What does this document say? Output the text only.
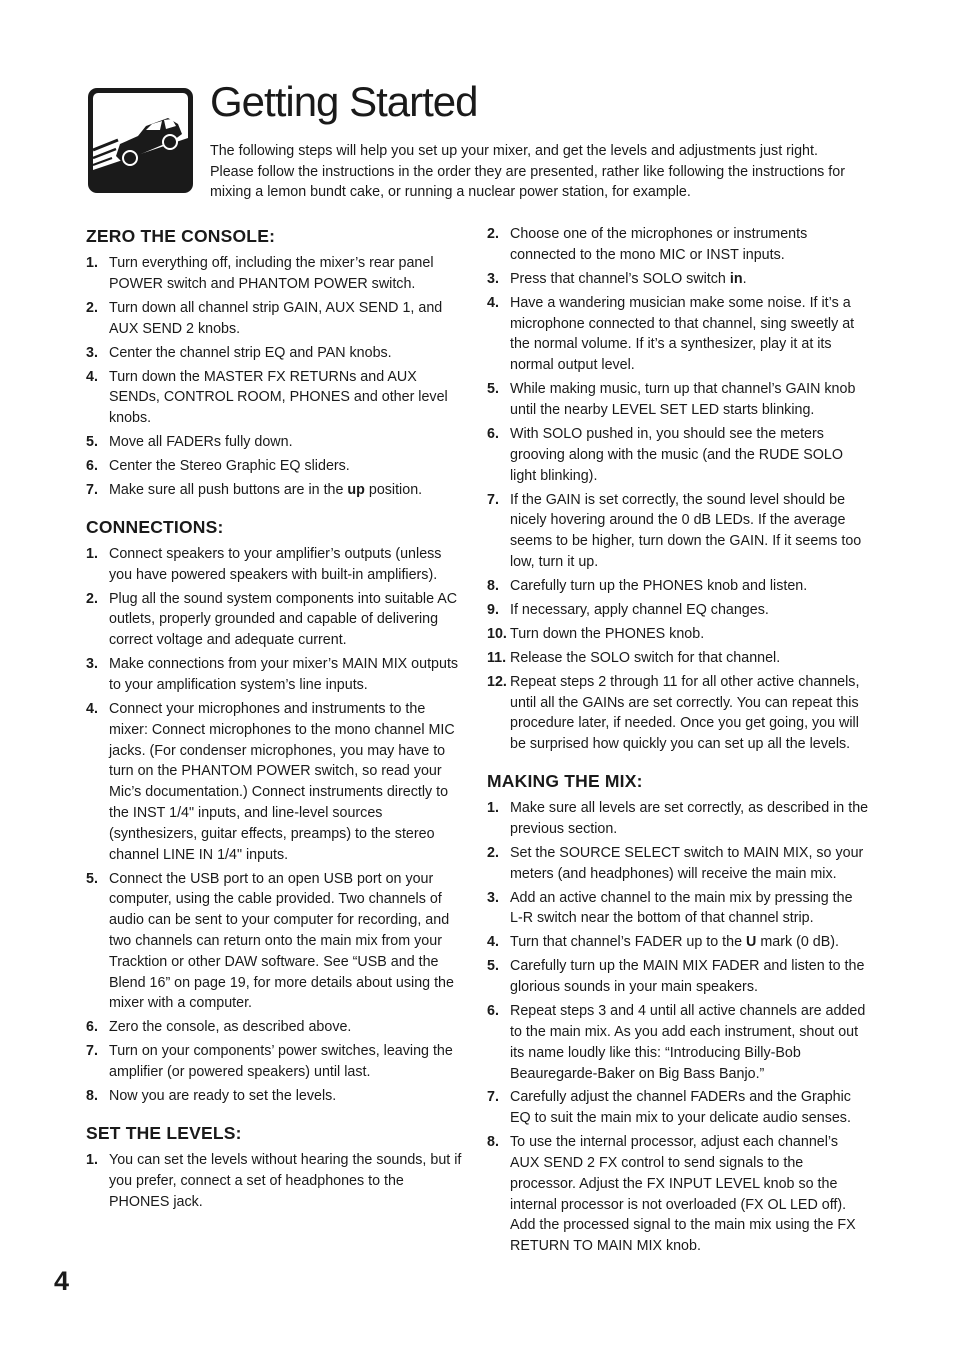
Getting Started

The following steps will help you set up your mixer, and get the levels and adjustments just right. Please follow the instructions in the order they are presented, rather like following the instructions for mixing a lemon bundt cake, or running a nuclear power station, for example.

ZERO THE CONSOLE:
1. Turn everything off, including the mixer’s rear panel POWER switch and PHANTOM POWER switch.
2. Turn down all channel strip GAIN, AUX SEND 1, and AUX SEND 2 knobs.
3. Center the channel strip EQ and PAN knobs.
4. Turn down the MASTER FX RETURNs and AUX SENDs, CONTROL ROOM, PHONES and other level knobs.
5. Move all FADERs fully down.
6. Center the Stereo Graphic EQ sliders.
7. Make sure all push buttons are in the up position.
CONNECTIONS:
1. Connect speakers to your amplifier’s outputs (unless you have powered speakers with built-in amplifiers).
2. Plug all the sound system components into suitable AC outlets, properly grounded and capable of delivering correct voltage and adequate current.
3. Make connections from your mixer’s MAIN MIX outputs to your amplification system’s line inputs.
4. Connect your microphones and instruments to the mixer: Connect microphones to the mono channel MIC jacks. (For condenser microphones, you may have to turn on the PHANTOM POWER switch, so read your Mic’s documentation.) Connect instruments directly to the INST 1/4" inputs, and line-level sources (synthesizers, guitar effects, preamps) to the stereo channel LINE IN 1/4" inputs.
5. Connect the USB port to an open USB port on your computer, using the cable provided. Two channels of audio can be sent to your computer for recording, and two channels can return onto the main mix from your Tracktion or other DAW software. See “USB and the Blend 16” on page 19, for more details about using the mixer with a computer.
6. Zero the console, as described above.
7. Turn on your components’ power switches, leaving the amplifier (or powered speakers) until last.
8. Now you are ready to set the levels.
SET THE LEVELS:
1. You can set the levels without hearing the sounds, but if you prefer, connect a set of headphones to the PHONES jack.
2. Choose one of the microphones or instruments connected to the mono MIC or INST inputs.
3. Press that channel’s SOLO switch in.
4. Have a wandering musician make some noise. If it’s a microphone connected to that channel, sing sweetly at the normal volume. If it’s a synthesizer, play it at its normal output level.
5. While making music, turn up that channel’s GAIN knob until the nearby LEVEL SET LED starts blinking.
6. With SOLO pushed in, you should see the meters grooving along with the music (and the RUDE SOLO light blinking).
7. If the GAIN is set correctly, the sound level should be nicely hovering around the 0 dB LEDs. If the average seems to be higher, turn down the GAIN. If it seems too low, turn it up.
8. Carefully turn up the PHONES knob and listen.
9. If necessary, apply channel EQ changes.
10. Turn down the PHONES knob.
11. Release the SOLO switch for that channel.
12. Repeat steps 2 through 11 for all other active channels, until all the GAINs are set correctly. You can repeat this procedure later, if needed. Once you get going, you will be surprised how quickly you can set up all the levels.
MAKING THE MIX:
1. Make sure all levels are set correctly, as described in the previous section.
2. Set the SOURCE SELECT switch to MAIN MIX, so your meters (and headphones) will receive the main mix.
3. Add an active channel to the main mix by pressing the L-R switch near the bottom of that channel strip.
4. Turn that channel’s FADER up to the U mark (0 dB).
5. Carefully turn up the MAIN MIX FADER and listen to the glorious sounds in your main speakers.
6. Repeat steps 3 and 4 until all active channels are added to the main mix. As you add each instrument, shout out its name loudly like this: “Introducing Billy-Bob Beauregarde-Baker on Big Bass Banjo.”
7. Carefully adjust the channel FADERs and the Graphic EQ to suit the main mix to your delicate audio senses.
8. To use the internal processor, adjust each channel’s AUX SEND 2 FX control to send signals to the processor. Adjust the FX INPUT LEVEL knob so the internal processor is not overloaded (FX OL LED off). Add the processed signal to the main mix using the FX RETURN TO MAIN MIX knob.

4
